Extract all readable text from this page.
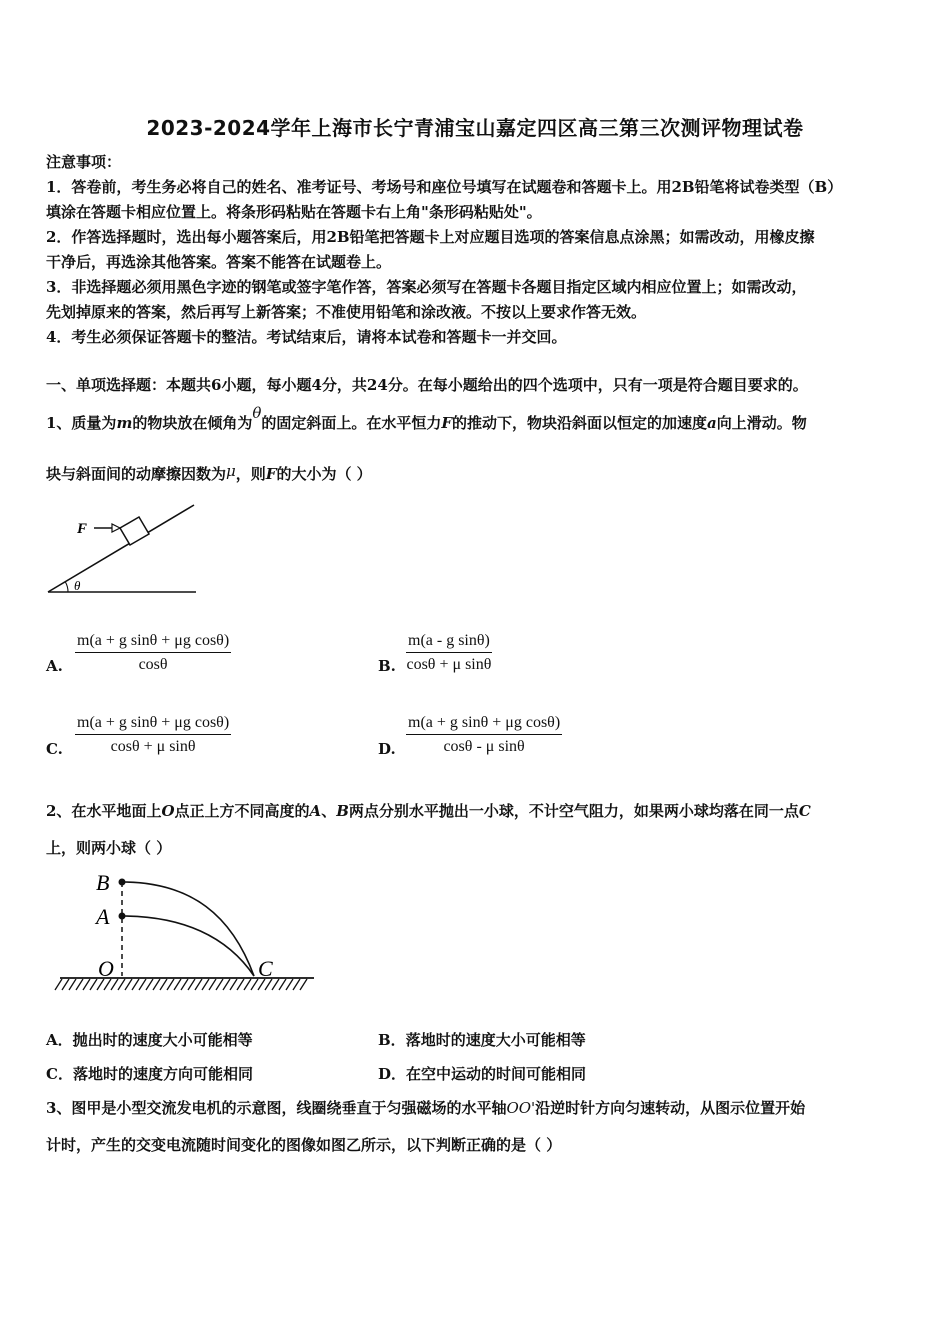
2023-2024学年上海市长宁青浦宝山嘉定四区高三第三次测评物理试卷
注意事项：
1．答卷前，考生务必将自己的姓名、准考证号、考场号和座位号填写在试题卷和答题卡上。用2B铅笔将试卷类型（B）
填涂在答题卡相应位置上。将条形码粘贴在答题卡右上角"条形码粘贴处"。
2．作答选择题时，选出每小题答案后，用2B铅笔把答题卡上对应题目选项的答案信息点涂黑；如需改动，用橡皮擦
干净后，再选涂其他答案。答案不能答在试题卷上。
3．非选择题必须用黑色字迹的钢笔或签字笔作答，答案必须写在答题卡各题目指定区域内相应位置上；如需改动，
先划掉原来的答案，然后再写上新答案；不准使用铅笔和涂改液。不按以上要求作答无效。
4．考生必须保证答题卡的整洁。考试结束后，请将本试卷和答题卡一并交回。
一、单项选择题：本题共6小题，每小题4分，共24分。在每小题给出的四个选项中，只有一项是符合题目要求的。
1、质量为m的物块放在倾角为θ的固定斜面上。在水平恒力F的推动下，物块沿斜面以恒定的加速度a向上滑动。物
块与斜面间的动摩擦因数为μ，则F的大小为（ ）
θ
F
A. $\frac{\text{m(a + g sinθ + μg cosθ)}}{\cos\theta}$	B. $\frac{\text{m(a - g sinθ)}}{\text{cosθ + μ sinθ}}$
C. $\frac{\text{m(a + g sinθ + μg cosθ)}}{\text{cosθ + μ sinθ}}$	D. $\frac{\text{m(a + g sinθ + μg cosθ)}}{\text{cosθ - μ sinθ}}$
2、在水平地面上O点正上方不同高度的A、B两点分别水平抛出一小球，不计空气阻力，如果两小球均落在同一点C
上，则两小球（ ）
B
A
O	C
A．抛出时的速度大小可能相等	B．落地时的速度大小可能相等
C．落地时的速度方向可能相同	D．在空中运动的时间可能相同
3、图甲是小型交流发电机的示意图，线圈绕垂直于匀强磁场的水平轴OO'沿逆时针方向匀速转动，从图示位置开始
计时，产生的交变电流随时间变化的图像如图乙所示，以下判断正确的是（ ）
